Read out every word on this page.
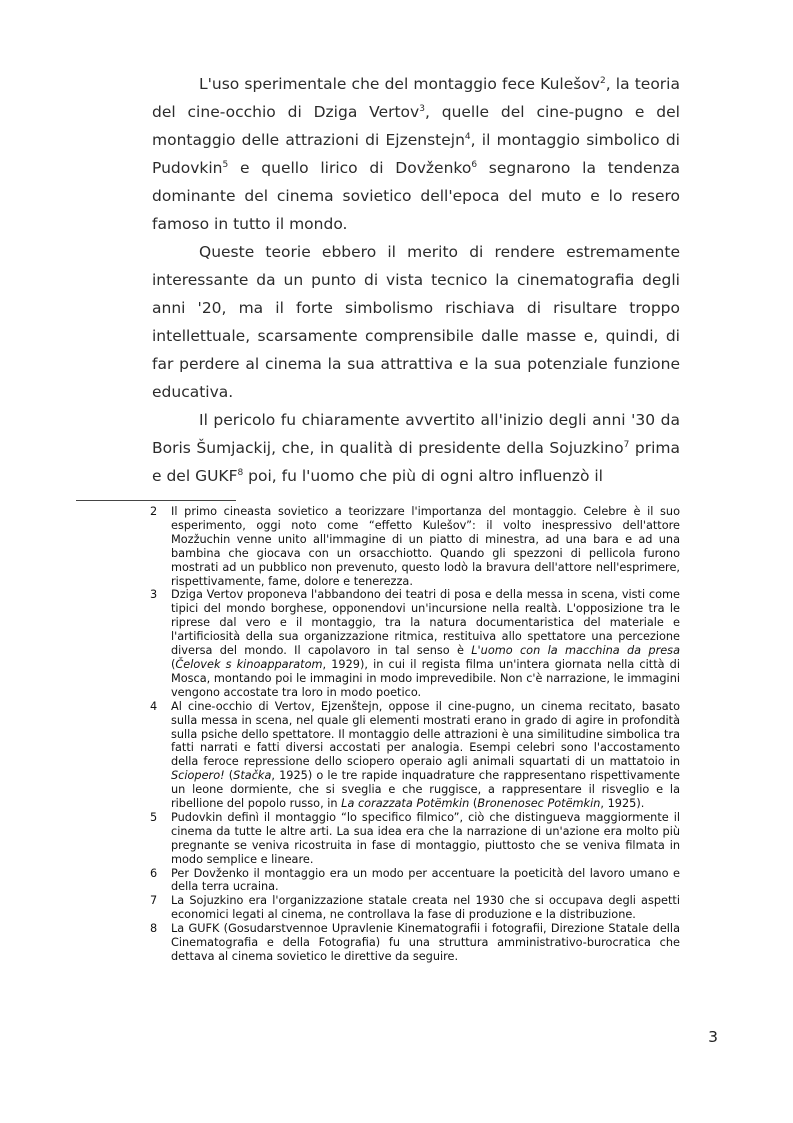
L'uso sperimentale che del montaggio fece Kulešov$^2$, la teoria del cine-occhio di Dziga Vertov$^3$, quelle del cine-pugno e del montaggio delle attrazioni di Ejzenstejn$^4$, il montaggio simbolico di Pudovkin$^5$ e quello lirico di Dovženko$^6$ segnarono la tendenza dominante del cinema sovietico dell'epoca del muto e lo resero famoso in tutto il mondo.

Queste teorie ebbero il merito di rendere estremamente interessante da un punto di vista tecnico la cinematografia degli anni '20, ma il forte simbolismo rischiava di risultare troppo intellettuale, scarsamente comprensibile dalle masse e, quindi, di far perdere al cinema la sua attrattiva e la sua potenziale funzione educativa.

Il pericolo fu chiaramente avvertito all'inizio degli anni '30 da Boris Šumjackij, che, in qualità di presidente della Sojuzkino$^7$ prima e del GUKF$^8$ poi, fu l'uomo che più di ogni altro influenzò il

2	Il primo cineasta sovietico a teorizzare l'importanza del montaggio. Celebre è il suo esperimento, oggi noto come “effetto Kulešov”: il volto inespressivo dell'attore Mozžuchin venne unito all'immagine di un piatto di minestra, ad una bara e ad una bambina che giocava con un orsacchiotto. Quando gli spezzoni di pellicola furono mostrati ad un pubblico non prevenuto, questo lodò la bravura dell'attore nell'esprimere, rispettivamente, fame, dolore e tenerezza.
3	Dziga Vertov proponeva l'abbandono dei teatri di posa e della messa in scena, visti come tipici del mondo borghese, opponendovi un'incursione nella realtà. L'opposizione tra le riprese dal vero e il montaggio, tra la natura documentaristica del materiale e l'artificiosità della sua organizzazione ritmica, restituiva allo spettatore una percezione diversa del mondo. Il capolavoro in tal senso è L'uomo con la macchina da presa (Čelovek s kinoapparatom, 1929), in cui il regista filma un'intera giornata nella città di Mosca, montando poi le immagini in modo imprevedibile. Non c'è narrazione, le immagini vengono accostate tra loro in modo poetico.
4	Al cine-occhio di Vertov, Ejzenštejn, oppose il cine-pugno, un cinema recitato, basato sulla messa in scena, nel quale gli elementi mostrati erano in grado di agire in profondità sulla psiche dello spettatore. Il montaggio delle attrazioni è una similitudine simbolica tra fatti narrati e fatti diversi accostati per analogia. Esempi celebri sono l'accostamento della feroce repressione dello sciopero operaio agli animali squartati di un mattatoio in Sciopero! (Stačka, 1925) o le tre rapide inquadrature che rappresentano rispettivamente un leone dormiente, che si sveglia e che ruggisce, a rappresentare il risveglio e la ribellione del popolo russo, in La corazzata Potëmkin (Bronenosec Potëmkin, 1925).
5	Pudovkin definì il montaggio “lo specifico filmico”, ciò che distingueva maggiormente il cinema da tutte le altre arti. La sua idea era che la narrazione di un'azione era molto più pregnante se veniva ricostruita in fase di montaggio, piuttosto che se veniva filmata in modo semplice e lineare.
6	Per Dovženko il montaggio era un modo per accentuare la poeticità del lavoro umano e della terra ucraina.
7	La Sojuzkino era l'organizzazione statale creata nel 1930 che si occupava degli aspetti economici legati al cinema, ne controllava la fase di produzione e la distribuzione.
8	La GUFK (Gosudarstvennoe Upravlenie Kinematografii i fotografii, Direzione Statale della Cinematografia e della Fotografia) fu una struttura amministrativo-burocratica che dettava al cinema sovietico le direttive da seguire.
3
